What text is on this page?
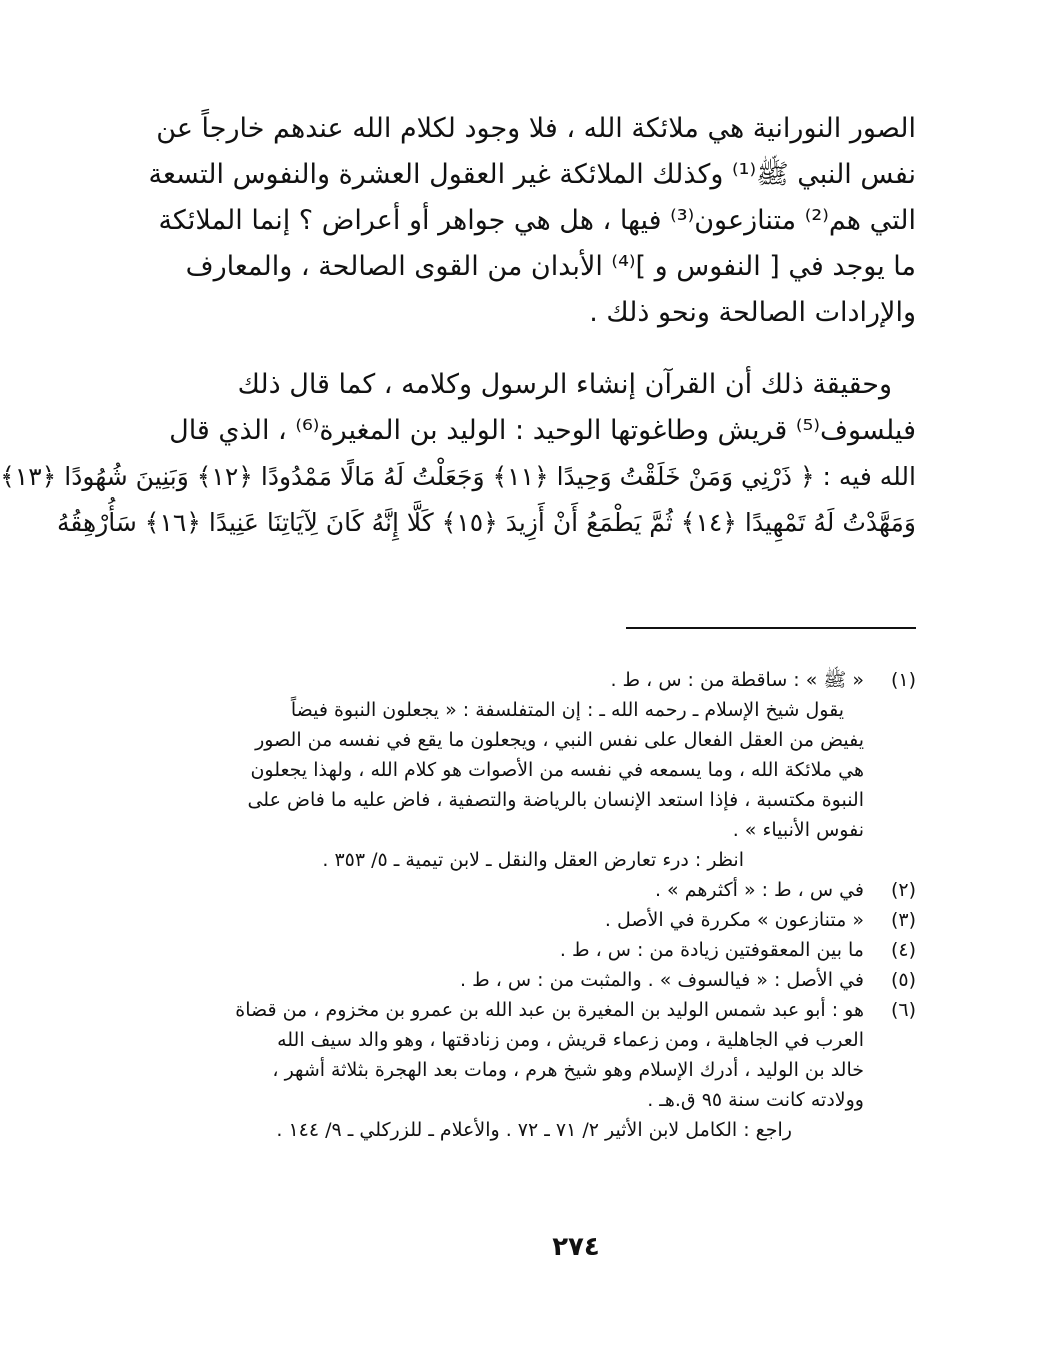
الصور النورانية هي ملائكة الله ، فلا وجود لكلام الله عندهم خارجاً عن
نفس النبي ﷺ⁽¹⁾ وكذلك الملائكة غير العقول العشرة والنفوس التسعة
التي هم⁽²⁾ متنازعون⁽³⁾ فيها ، هل هي جواهر أو أعراض ؟ إنما الملائكة
ما يوجد في [ النفوس و ]⁽⁴⁾ الأبدان من القوى الصالحة ، والمعارف
والإرادات الصالحة ونحو ذلك .
وحقيقة ذلك أن القرآن إنشاء الرسول وكلامه ، كما قال ذلك
فيلسوف⁽⁵⁾ قريش وطاغوتها الوحيد : الوليد بن المغيرة⁽⁶⁾ ، الذي قال
الله فيه : ﴿ ذَرْنِي وَمَنْ خَلَقْتُ وَحِيدًا ﴿١١﴾ وَجَعَلْتُ لَهُ مَالًا مَمْدُودًا ﴿١٢﴾ وَبَنِينَ شُهُودًا ﴿١٣﴾
وَمَهَّدْتُ لَهُ تَمْهِيدًا ﴿١٤﴾ ثُمَّ يَطْمَعُ أَنْ أَزِيدَ ﴿١٥﴾ كَلَّا إِنَّهُ كَانَ لِآيَاتِنَا عَنِيدًا ﴿١٦﴾ سَأُرْهِقُهُ
(١)
« ﷺ » : ساقطة من : س ، ط .
يقول شيخ الإسلام ـ رحمه الله ـ : إن المتفلسفة : « يجعلون النبوة فيضاً
يفيض من العقل الفعال على نفس النبي ، ويجعلون ما يقع في نفسه من الصور
هي ملائكة الله ، وما يسمعه في نفسه من الأصوات هو كلام الله ، ولهذا يجعلون
النبوة مكتسبة ، فإذا استعد الإنسان بالرياضة والتصفية ، فاض عليه ما فاض على
نفوس الأنبياء » .
انظر : درء تعارض العقل والنقل ـ لابن تيمية ـ ٥/ ٣٥٣ .
(٢)
في س ، ط : « أكثرهم » .
(٣)
« متنازعون » مكررة في الأصل .
(٤)
ما بين المعقوفتين زيادة من : س ، ط .
(٥)
في الأصل : « فيالسوف » . والمثبت من : س ، ط .
(٦)
هو : أبو عبد شمس الوليد بن المغيرة بن عبد الله بن عمرو بن مخزوم ، من قضاة
العرب في الجاهلية ، ومن زعماء قريش ، ومن زنادقتها ، وهو والد سيف الله
خالد بن الوليد ، أدرك الإسلام وهو شيخ هرم ، ومات بعد الهجرة بثلاثة أشهر ،
وولادته كانت سنة ٩٥ ق.هـ .
راجع : الكامل لابن الأثير ٢/ ٧١ ـ ٧٢ . والأعلام ـ للزركلي ـ ٩/ ١٤٤ .
٢٧٤
